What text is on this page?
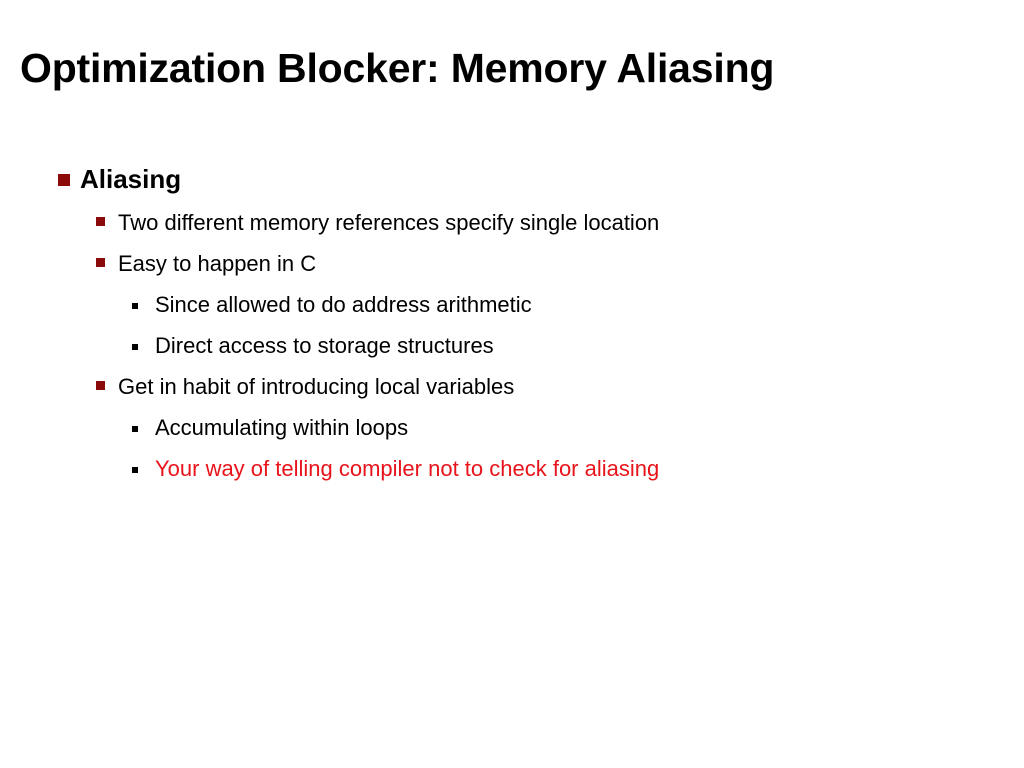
Optimization Blocker: Memory Aliasing
Aliasing
Two different memory references specify single location
Easy to happen in C
Since allowed to do address arithmetic
Direct access to storage structures
Get in habit of introducing local variables
Accumulating within loops
Your way of telling compiler not to check for aliasing
